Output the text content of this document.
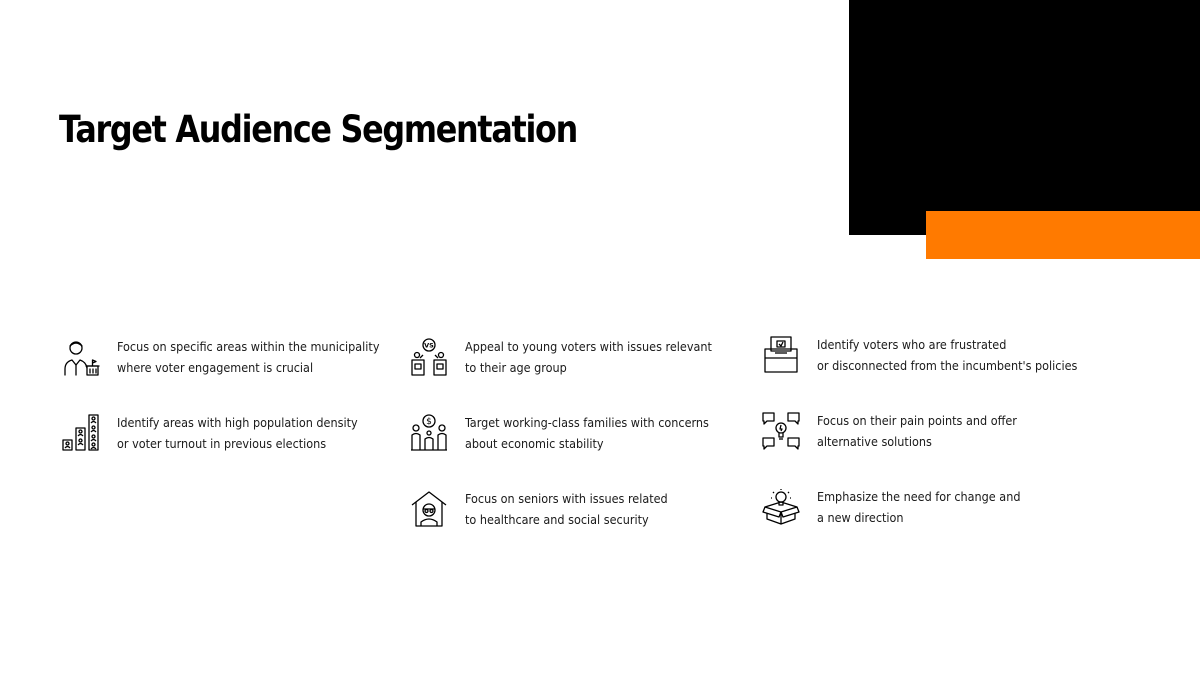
Target Audience Segmentation
Focus on specific areas within the municipality
where voter engagement is crucial
Identify areas with high population density
or voter turnout in previous elections
VS Appeal to young voters with issues relevant
to their age group
$	Target working-class families with concerns
about economic stability
Focus on seniors with issues related
to healthcare and social security
Identify voters who are frustrated
or disconnected from the incumbent's policies
Focus on their pain points and offer
alternative solutions
Emphasize the need for change and
a new direction
